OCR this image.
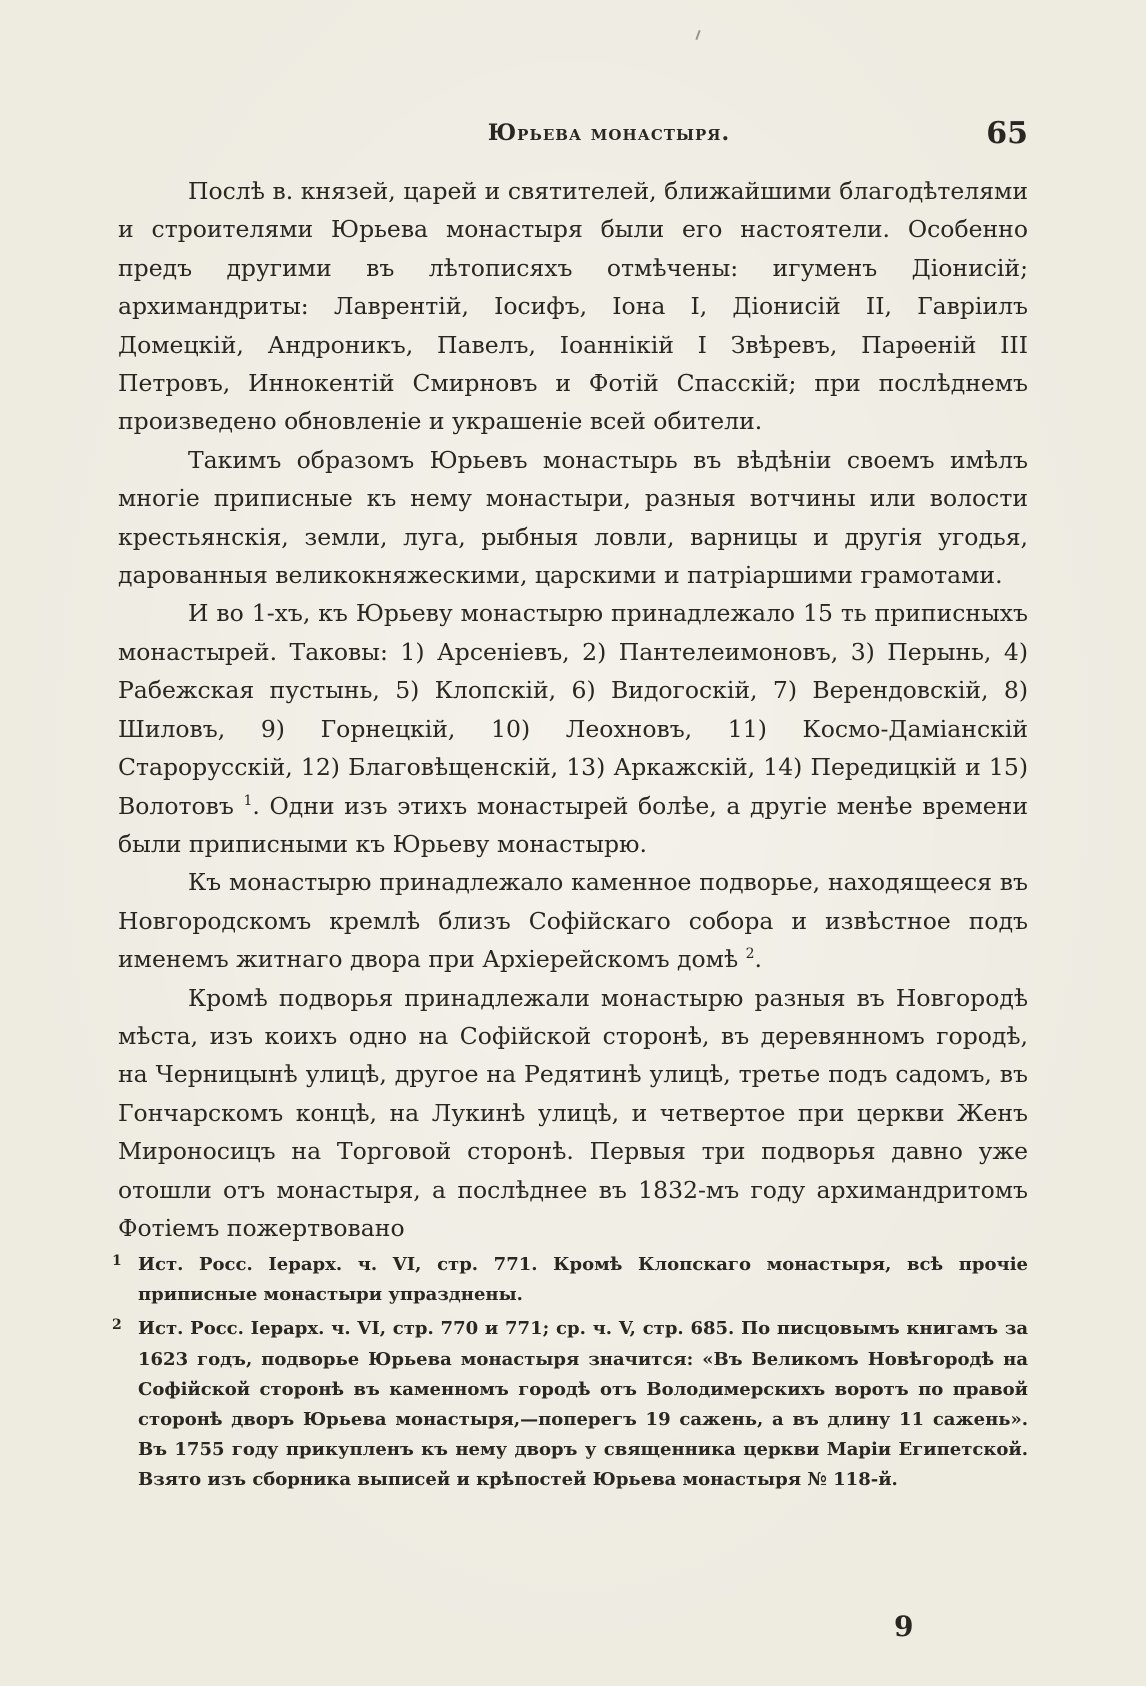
Юрьева монастыря.	65

Послѣ в. князей, царей и святителей, ближайшими благодѣтелями и строителями Юрьева монастыря были его настоятели. Особенно предъ другими въ лѣтописяхъ отмѣчены: игуменъ Діонисій; архимандриты: Лаврентій, Іосифъ, Іона I, Діонисій II, Гавріилъ Домецкій, Андроникъ, Павелъ, Іоаннікій I Звѣревъ, Парѳеній III Петровъ, Иннокентій Смирновъ и Фотій Спасскій; при послѣднемъ произведено обновленіе и украшеніе всей обители.

Такимъ образомъ Юрьевъ монастырь въ вѣдѣніи своемъ имѣлъ многіе приписные къ нему монастыри, разныя вотчины или волости крестьянскія, земли, луга, рыбныя ловли, варницы и другія угодья, дарованныя великокняжескими, царскими и патріаршими грамотами.

И во 1-хъ, къ Юрьеву монастырю принадлежало 15 ть приписныхъ монастырей. Таковы: 1) Арсеніевъ, 2) Пантелеимоновъ, 3) Перынь, 4) Рабежская пустынь, 5) Клопскій, 6) Видогоскій, 7) Верендовскій, 8) Шиловъ, 9) Горнецкій, 10) Леохновъ, 11) Космо-Даміанскій Старорусскій, 12) Благовѣщенскій, 13) Аркажскій, 14) Передицкій и 15) Волотовъ $^1$. Одни изъ этихъ монастырей болѣе, а другіе менѣе времени были приписными къ Юрьеву монастырю.

Къ монастырю принадлежало каменное подворье, находящееся въ Новгородскомъ кремлѣ близъ Софійскаго собора и извѣстное подъ именемъ житнаго двора при Архіерейскомъ домѣ $^2$.

Кромѣ подворья принадлежали монастырю разныя въ Новгородѣ мѣста, изъ коихъ одно на Софійской сторонѣ, въ деревянномъ городѣ, на Черницынѣ улицѣ, другое на Редятинѣ улицѣ, третье подъ садомъ, въ Гончарскомъ концѣ, на Лукинѣ улицѣ, и четвертое при церкви Женъ Мироносицъ на Торговой сторонѣ. Первыя три подворья давно уже отошли отъ монастыря, а послѣднее въ 1832-мъ году архимандритомъ Фотіемъ пожертвовано

1 Ист. Росс. Іерарх. ч. VI, стр. 771. Кромѣ Клопскаго монастыря, всѣ прочіе приписные монастыри упразднены.
2 Ист. Росс. Іерарх. ч. VI, стр. 770 и 771; ср. ч. V, стр. 685. По писцовымъ книгамъ за 1623 годъ, подворье Юрьева монастыря значится: «Въ Великомъ Новѣгородѣ на Софійской сторонѣ въ каменномъ городѣ отъ Володимерскихъ воротъ по правой сторонѣ дворъ Юрьева монастыря,—поперегъ 19 сажень, а въ длину 11 сажень». Въ 1755 году прикупленъ къ нему дворъ у священника церкви Маріи Египетской. Взято изъ сборника выписей и крѣпостей Юрьева монастыря № 118-й.
9
